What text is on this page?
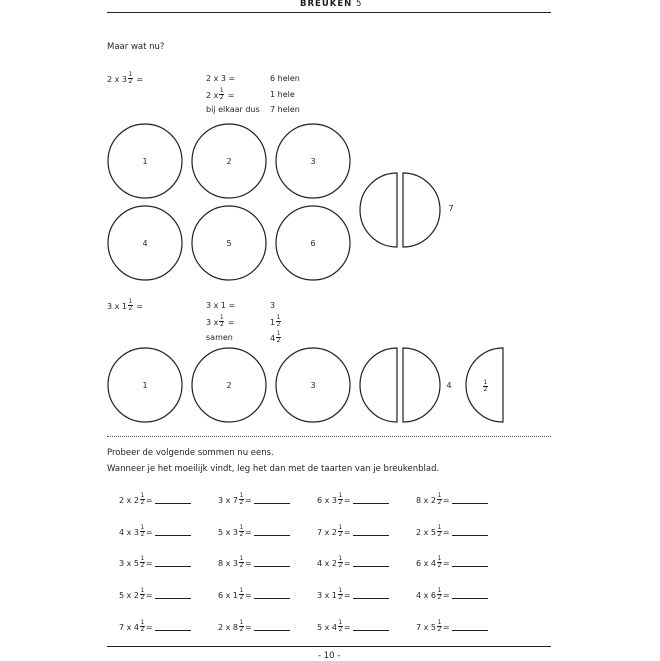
BREUKEN 5
Maar wat nu?
2 x $3 \frac{1}{2}$ =	2 x 3 =	6 helen
2 x $\frac{1}{2}$ =	1 hele
bij elkaar dus 7 helen
1	2	3
4	5	6
7
1	2	3	4
3 x $1 \frac{1}{2}$ =	3 x 1 =	3
3 x $\frac{1}{2}$ =	$1 \frac{1}{2}$
samen	$4 \frac{1}{2}$
$\frac{1}{2}$
Probeer de volgende sommen nu eens.
Wanneer je het moeilijk vindt, leg het dan met de taarten van je breukenblad.
2 x $2 \frac{1}{2}$ =	3 x $7 \frac{1}{2}$ =	6 x $3 \frac{1}{2}$ =	8 x $2 \frac{1}{2}$ =
4 x $3 \frac{1}{2}$ =	5 x $3 \frac{1}{2}$ =	7 x $2 \frac{1}{2}$ =	2 x $5 \frac{1}{2}$ =
3 x $5 \frac{1}{2}$ =	8 x $3 \frac{1}{2}$ =	4 x $2 \frac{1}{2}$ =	6 x $4 \frac{1}{2}$ =
5 x $2 \frac{1}{2}$ =	6 x $1 \frac{1}{2}$ =	3 x $1 \frac{1}{2}$ =	4 x $6 \frac{1}{2}$ =
7 x $4 \frac{1}{2}$ =	2 x $8 \frac{1}{2}$ =	5 x $4 \frac{1}{2}$ =	7 x $5 \frac{1}{2}$ =
- 10 -
